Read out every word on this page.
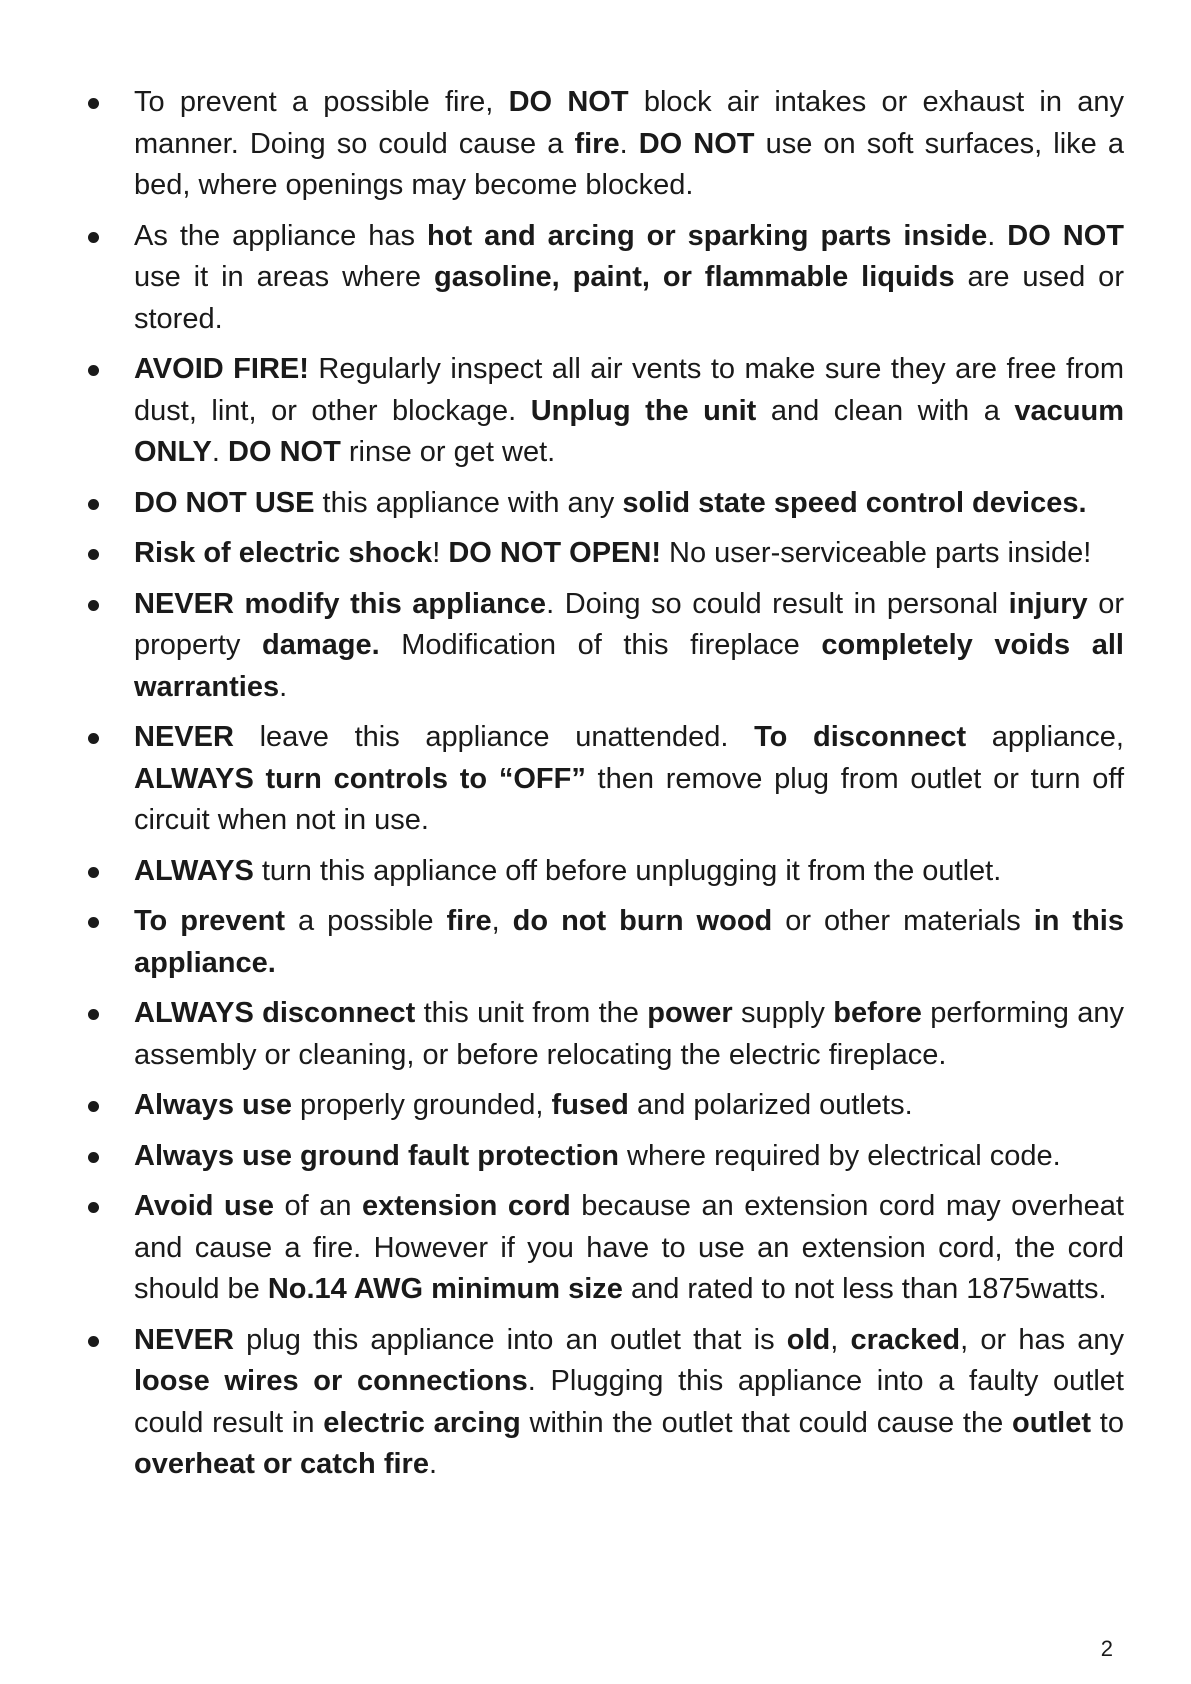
To prevent a possible fire, DO NOT block air intakes or exhaust in any manner. Doing so could cause a fire. DO NOT use on soft surfaces, like a bed, where openings may become blocked.
As the appliance has hot and arcing or sparking parts inside. DO NOT use it in areas where gasoline, paint, or flammable liquids are used or stored.
AVOID FIRE! Regularly inspect all air vents to make sure they are free from dust, lint, or other blockage. Unplug the unit and clean with a vacuum ONLY. DO NOT rinse or get wet.
DO NOT USE this appliance with any solid state speed control devices.
Risk of electric shock! DO NOT OPEN! No user-serviceable parts inside!
NEVER modify this appliance. Doing so could result in personal injury or property damage. Modification of this fireplace completely voids all warranties.
NEVER leave this appliance unattended. To disconnect appliance, ALWAYS turn controls to “OFF” then remove plug from outlet or turn off circuit when not in use.
ALWAYS turn this appliance off before unplugging it from the outlet.
To prevent a possible fire, do not burn wood or other materials in this appliance.
ALWAYS disconnect this unit from the power supply before performing any assembly or cleaning, or before relocating the electric fireplace.
Always use properly grounded, fused and polarized outlets.
Always use ground fault protection where required by electrical code.
Avoid use of an extension cord because an extension cord may overheat and cause a fire. However if you have to use an extension cord, the cord should be No.14 AWG minimum size and rated to not less than 1875watts.
NEVER plug this appliance into an outlet that is old, cracked, or has any loose wires or connections. Plugging this appliance into a faulty outlet could result in electric arcing within the outlet that could cause the outlet to overheat or catch fire.
2
